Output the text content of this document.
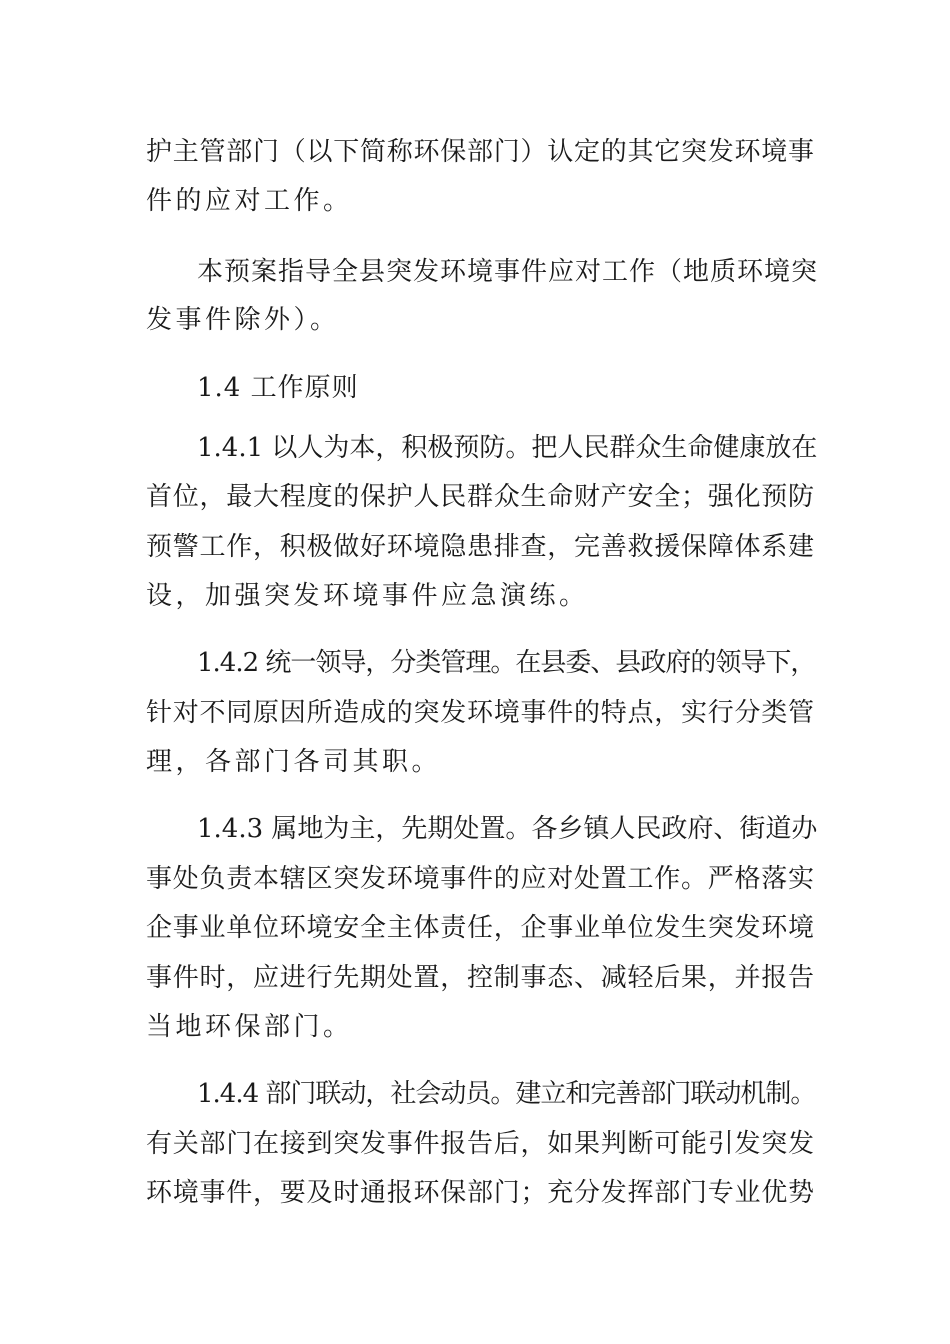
护主管部门（以下简称环保部门）认定的其它突发环境事
件的应对工作。
本预案指导全县突发环境事件应对工作（地质环境突
发事件除外）。
1.4 工作原则
1.4.1 以人为本，积极预防。把人民群众生命健康放在
首位，最大程度的保护人民群众生命财产安全；强化预防
预警工作，积极做好环境隐患排查，完善救援保障体系建
设，加强突发环境事件应急演练。
1.4.2 统一领导，分类管理。在县委、县政府的领导下，
针对不同原因所造成的突发环境事件的特点，实行分类管
理，各部门各司其职。
1.4.3 属地为主，先期处置。各乡镇人民政府、街道办
事处负责本辖区突发环境事件的应对处置工作。严格落实
企事业单位环境安全主体责任，企事业单位发生突发环境
事件时，应进行先期处置，控制事态、减轻后果，并报告
当地环保部门。
1.4.4 部门联动，社会动员。建立和完善部门联动机制。
有关部门在接到突发事件报告后，如果判断可能引发突发
环境事件，要及时通报环保部门；充分发挥部门专业优势
